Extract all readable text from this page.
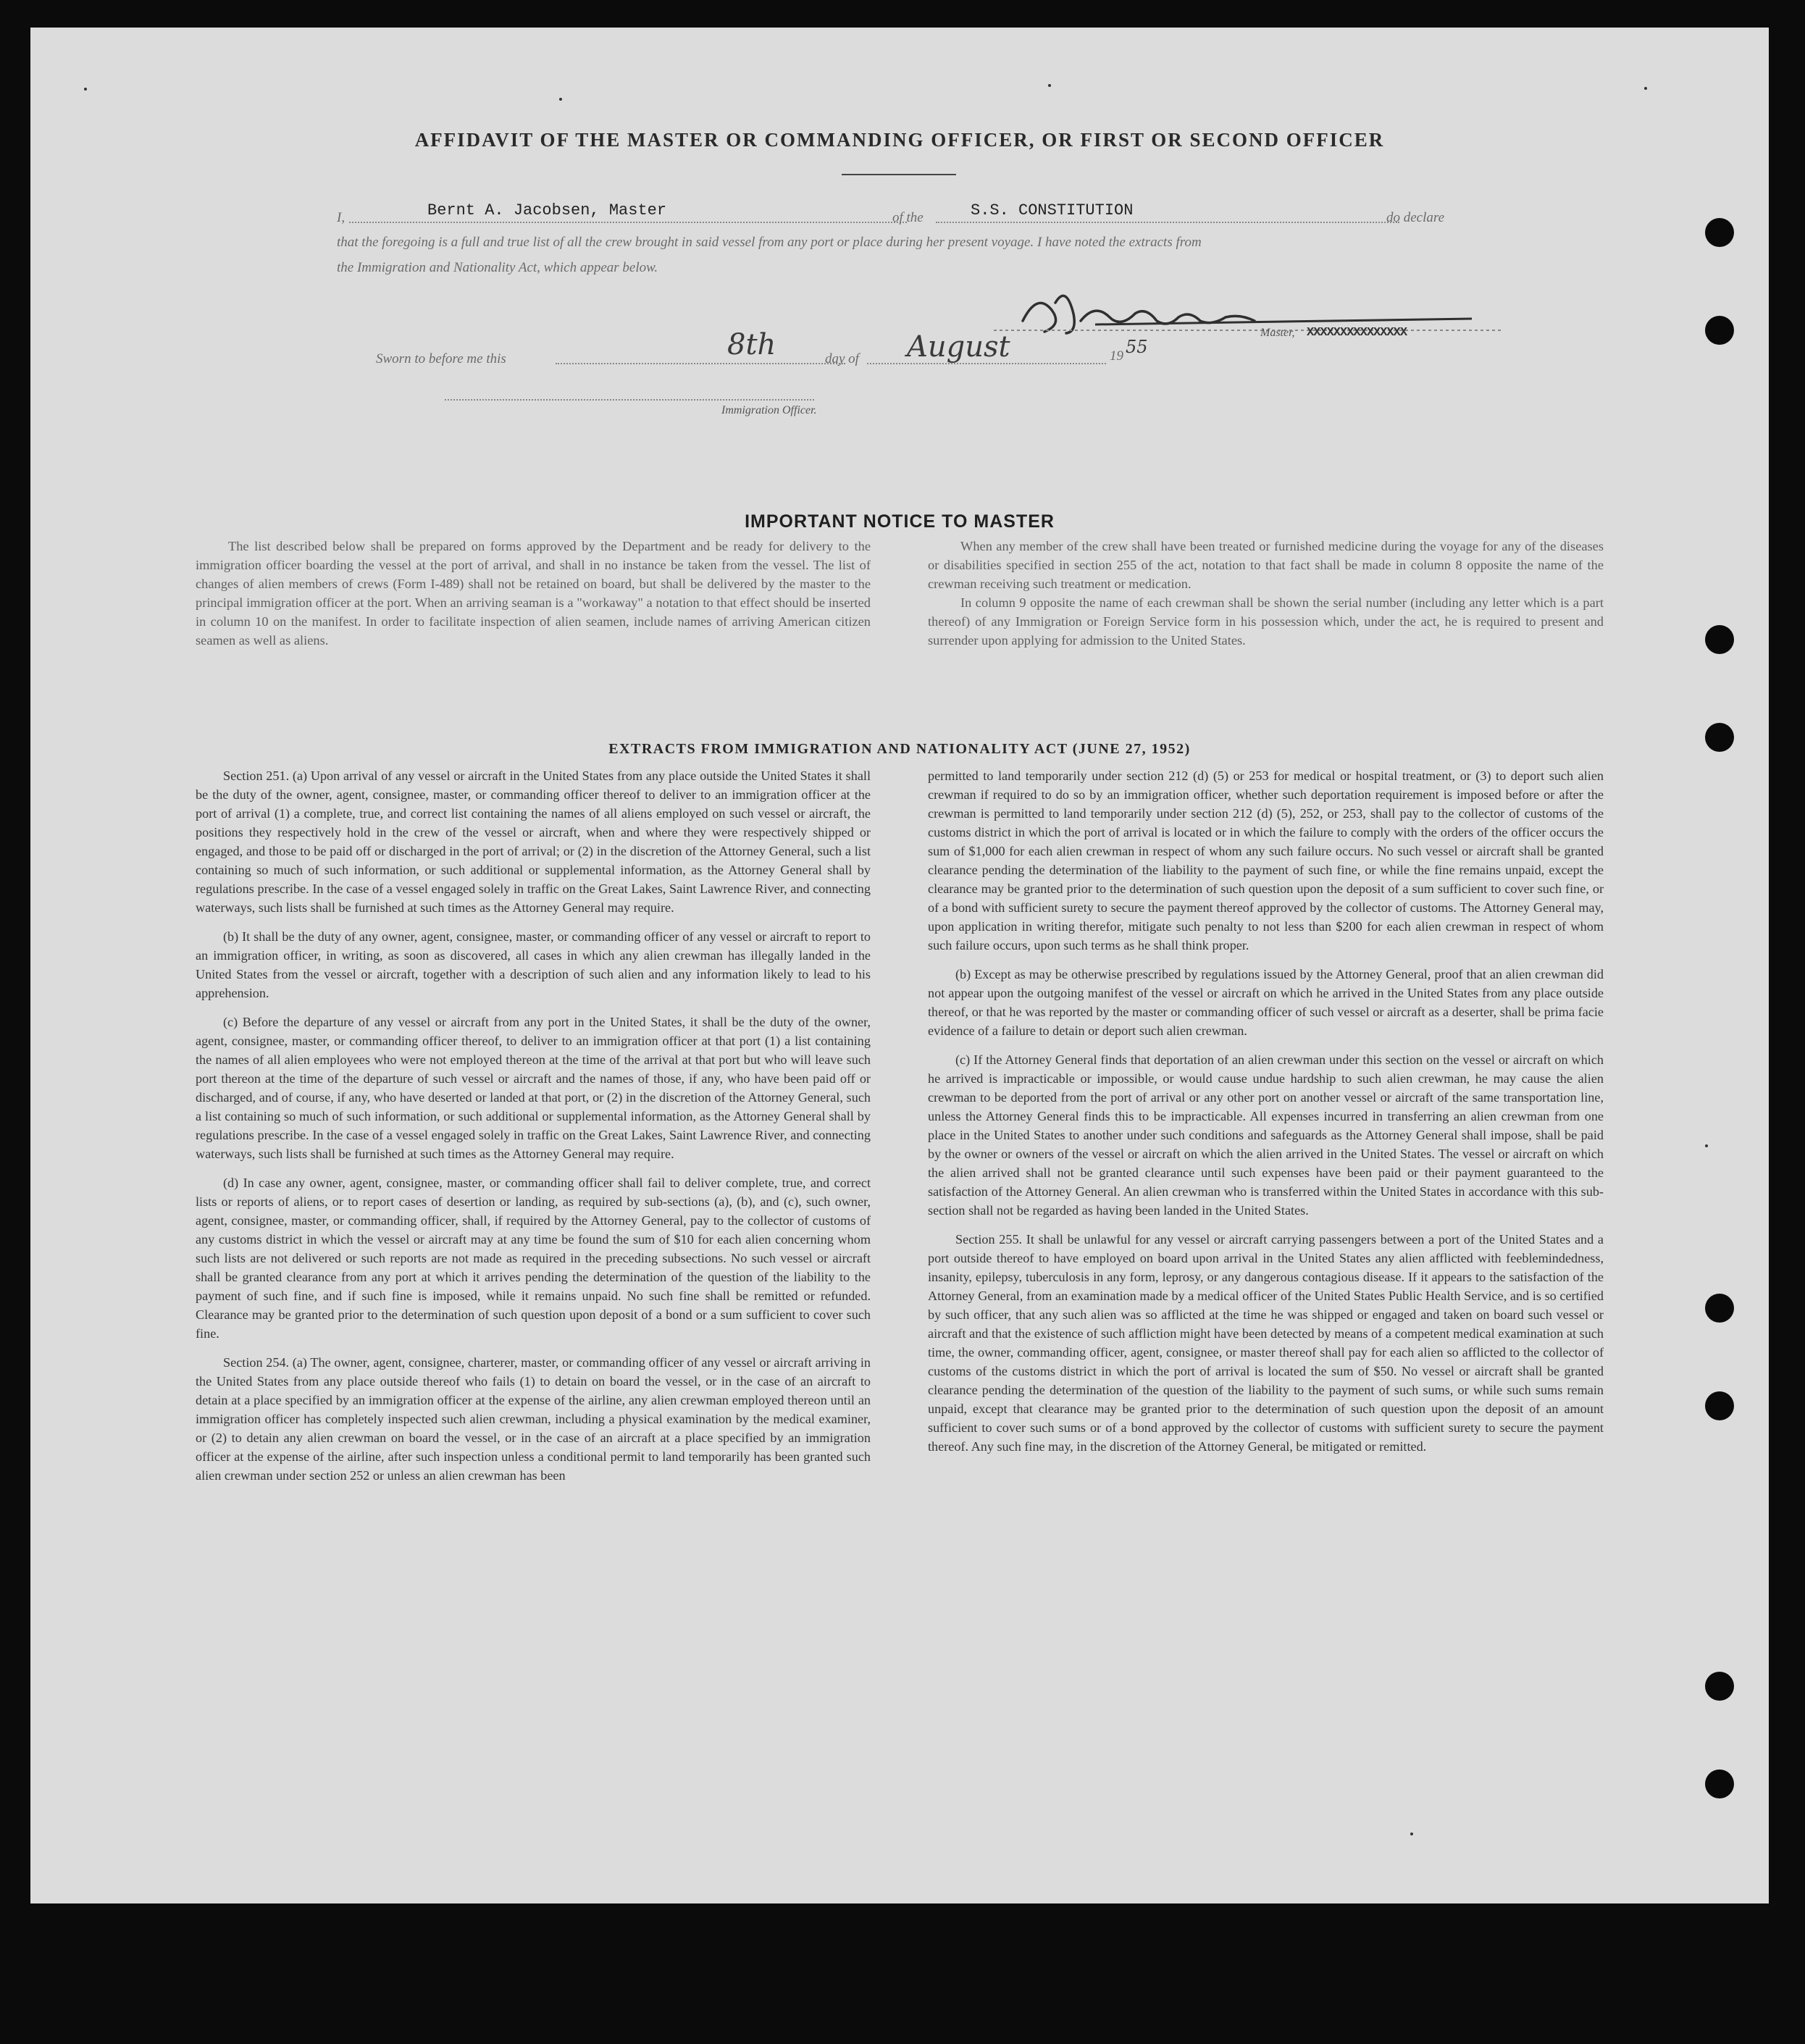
AFFIDAVIT OF THE MASTER OR COMMANDING OFFICER, OR FIRST OR SECOND OFFICER
I,	Bernt A. Jacobsen, Master	of the	S.S. CONSTITUTION	do declare
that the foregoing is a full and true list of all the crew brought in said vessel from any port or place during her present voyage. I have noted the extracts from
the Immigration and Nationality Act, which appear below.
Master, XXXXXXXXXXXXXXX
Sworn to before me this	8th	day of August	19 55
Immigration Officer.
IMPORTANT NOTICE TO MASTER

The list described below shall be prepared on forms approved by the Department and be ready for delivery to the immigration officer boarding the vessel at the port of arrival, and shall in no instance be taken from the vessel. The list of changes of alien members of crews (Form I-489) shall not be retained on board, but shall be delivered by the master to the principal immigration officer at the port. When an arriving seaman is a "workaway" a notation to that effect should be inserted in column 10 on the manifest. In order to facilitate inspection of alien seamen, include names of arriving American citizen seamen as well as aliens.

When any member of the crew shall have been treated or furnished medicine during the voyage for any of the diseases or disabilities specified in section 255 of the act, notation to that fact shall be made in column 8 opposite the name of the crewman receiving such treatment or medication.

In column 9 opposite the name of each crewman shall be shown the serial number (including any letter which is a part thereof) of any Immigration or Foreign Service form in his possession which, under the act, he is required to present and surrender upon applying for admission to the United States.

EXTRACTS FROM IMMIGRATION AND NATIONALITY ACT (JUNE 27, 1952)

Section 251. (a) Upon arrival of any vessel or aircraft in the United States from any place outside the United States it shall be the duty of the owner, agent, consignee, master, or commanding officer thereof to deliver to an immigration officer at the port of arrival (1) a complete, true, and correct list containing the names of all aliens employed on such vessel or aircraft, the positions they respectively hold in the crew of the vessel or aircraft, when and where they were respectively shipped or engaged, and those to be paid off or discharged in the port of arrival; or (2) in the discretion of the Attorney General, such a list containing so much of such information, or such additional or supplemental information, as the Attorney General shall by regulations prescribe. In the case of a vessel engaged solely in traffic on the Great Lakes, Saint Lawrence River, and connecting waterways, such lists shall be furnished at such times as the Attorney General may require.

(b) It shall be the duty of any owner, agent, consignee, master, or commanding officer of any vessel or aircraft to report to an immigration officer, in writing, as soon as discovered, all cases in which any alien crewman has illegally landed in the United States from the vessel or aircraft, together with a description of such alien and any information likely to lead to his apprehension.

(c) Before the departure of any vessel or aircraft from any port in the United States, it shall be the duty of the owner, agent, consignee, master, or commanding officer thereof, to deliver to an immigration officer at that port (1) a list containing the names of all alien employees who were not employed thereon at the time of the arrival at that port but who will leave such port thereon at the time of the departure of such vessel or aircraft and the names of those, if any, who have been paid off or discharged, and of course, if any, who have deserted or landed at that port, or (2) in the discretion of the Attorney General, such a list containing so much of such information, or such additional or supplemental information, as the Attorney General shall by regulations prescribe. In the case of a vessel engaged solely in traffic on the Great Lakes, Saint Lawrence River, and connecting waterways, such lists shall be furnished at such times as the Attorney General may require.

(d) In case any owner, agent, consignee, master, or commanding officer shall fail to deliver complete, true, and correct lists or reports of aliens, or to report cases of desertion or landing, as required by sub-sections (a), (b), and (c), such owner, agent, consignee, master, or commanding officer, shall, if required by the Attorney General, pay to the collector of customs of any customs district in which the vessel or aircraft may at any time be found the sum of $10 for each alien concerning whom such lists are not delivered or such reports are not made as required in the preceding subsections. No such vessel or aircraft shall be granted clearance from any port at which it arrives pending the determination of the question of the liability to the payment of such fine, and if such fine is imposed, while it remains unpaid. No such fine shall be remitted or refunded. Clearance may be granted prior to the determination of such question upon deposit of a bond or a sum sufficient to cover such fine.

Section 254. (a) The owner, agent, consignee, charterer, master, or commanding officer of any vessel or aircraft arriving in the United States from any place outside thereof who fails (1) to detain on board the vessel, or in the case of an aircraft to detain at a place specified by an immigration officer at the expense of the airline, any alien crewman employed thereon until an immigration officer has completely inspected such alien crewman, including a physical examination by the medical examiner, or (2) to detain any alien crewman on board the vessel, or in the case of an aircraft at a place specified by an immigration officer at the expense of the airline, after such inspection unless a conditional permit to land temporarily has been granted such alien crewman under section 252 or unless an alien crewman has been

permitted to land temporarily under section 212 (d) (5) or 253 for medical or hospital treatment, or (3) to deport such alien crewman if required to do so by an immigration officer, whether such deportation requirement is imposed before or after the crewman is permitted to land temporarily under section 212 (d) (5), 252, or 253, shall pay to the collector of customs of the customs district in which the port of arrival is located or in which the failure to comply with the orders of the officer occurs the sum of $1,000 for each alien crewman in respect of whom any such failure occurs. No such vessel or aircraft shall be granted clearance pending the determination of the liability to the payment of such fine, or while the fine remains unpaid, except the clearance may be granted prior to the determination of such question upon the deposit of a sum sufficient to cover such fine, or of a bond with sufficient surety to secure the payment thereof approved by the collector of customs. The Attorney General may, upon application in writing therefor, mitigate such penalty to not less than $200 for each alien crewman in respect of whom such failure occurs, upon such terms as he shall think proper.

(b) Except as may be otherwise prescribed by regulations issued by the Attorney General, proof that an alien crewman did not appear upon the outgoing manifest of the vessel or aircraft on which he arrived in the United States from any place outside thereof, or that he was reported by the master or commanding officer of such vessel or aircraft as a deserter, shall be prima facie evidence of a failure to detain or deport such alien crewman.

(c) If the Attorney General finds that deportation of an alien crewman under this section on the vessel or aircraft on which he arrived is impracticable or impossible, or would cause undue hardship to such alien crewman, he may cause the alien crewman to be deported from the port of arrival or any other port on another vessel or aircraft of the same transportation line, unless the Attorney General finds this to be impracticable. All expenses incurred in transferring an alien crewman from one place in the United States to another under such conditions and safeguards as the Attorney General shall impose, shall be paid by the owner or owners of the vessel or aircraft on which the alien arrived in the United States. The vessel or aircraft on which the alien arrived shall not be granted clearance until such expenses have been paid or their payment guaranteed to the satisfaction of the Attorney General. An alien crewman who is transferred within the United States in accordance with this sub-section shall not be regarded as having been landed in the United States.

Section 255. It shall be unlawful for any vessel or aircraft carrying passengers between a port of the United States and a port outside thereof to have employed on board upon arrival in the United States any alien afflicted with feeblemindedness, insanity, epilepsy, tuberculosis in any form, leprosy, or any dangerous contagious disease. If it appears to the satisfaction of the Attorney General, from an examination made by a medical officer of the United States Public Health Service, and is so certified by such officer, that any such alien was so afflicted at the time he was shipped or engaged and taken on board such vessel or aircraft and that the existence of such affliction might have been detected by means of a competent medical examination at such time, the owner, commanding officer, agent, consignee, or master thereof shall pay for each alien so afflicted to the collector of customs of the customs district in which the port of arrival is located the sum of $50. No vessel or aircraft shall be granted clearance pending the determination of the question of the liability to the payment of such sums, or while such sums remain unpaid, except that clearance may be granted prior to the determination of such question upon the deposit of an amount sufficient to cover such sums or of a bond approved by the collector of customs with sufficient surety to secure the payment thereof. Any such fine may, in the discretion of the Attorney General, be mitigated or remitted.
